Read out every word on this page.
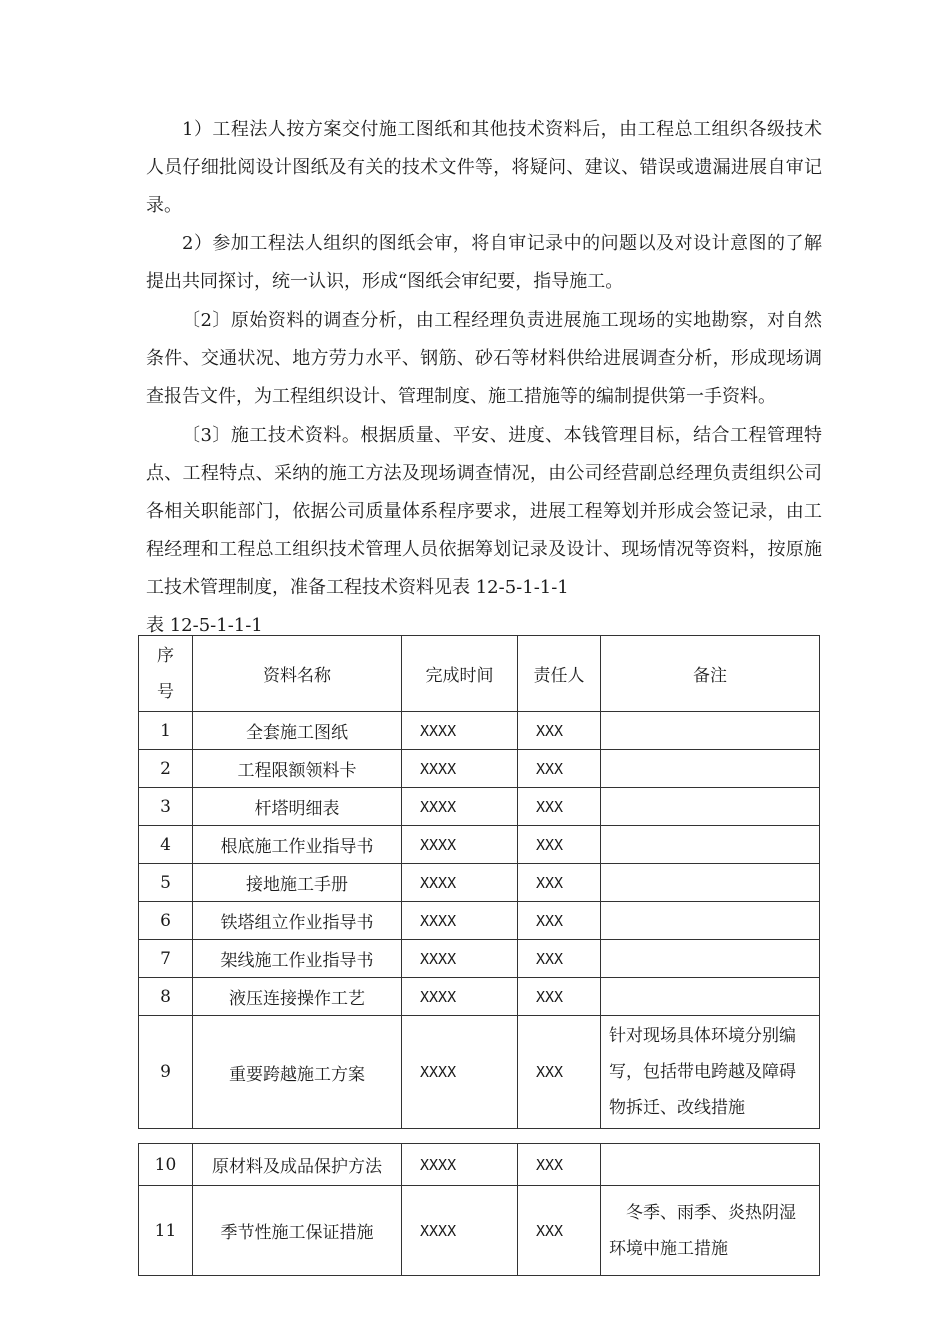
1）工程法人按方案交付施工图纸和其他技术资料后，由工程总工组织各级技术人员仔细批阅设计图纸及有关的技术文件等，将疑问、建议、错误或遗漏进展自审记录。

2）参加工程法人组织的图纸会审，将自审记录中的问题以及对设计意图的了解提出共同探讨，统一认识，形成“图纸会审纪要，指导施工。

〔2〕原始资料的调查分析，由工程经理负责进展施工现场的实地勘察，对自然条件、交通状况、地方劳力水平、钢筋、砂石等材料供给进展调查分析，形成现场调查报告文件，为工程组织设计、管理制度、施工措施等的编制提供第一手资料。

〔3〕施工技术资料。根据质量、平安、进度、本钱管理目标，结合工程管理特点、工程特点、采纳的施工方法及现场调查情况，由公司经营副总经理负责组织公司各相关职能部门，依据公司质量体系程序要求，进展工程筹划并形成会签记录，由工程经理和工程总工组织技术管理人员依据筹划记录及设计、现场情况等资料，按原施工技术管理制度，准备工程技术资料见表 12-5-1-1-1

表 12-5-1-1-1

序
号	资料名称	完成时间	责任人	备注
1	全套施工图纸	XXXX	XXX	
2	工程限额领料卡	XXXX	XXX	
3	杆塔明细表	XXXX	XXX	
4	根底施工作业指导书	XXXX	XXX	
5	接地施工手册	XXXX	XXX	
6	铁塔组立作业指导书	XXXX	XXX	
7	架线施工作业指导书	XXXX	XXX	
8	液压连接操作工艺	XXXX	XXX	
9	重要跨越施工方案	XXXX	XXX	针对现场具体环境分别编写，包括带电跨越及障碍物拆迁、改线措施
10	原材料及成品保护方法	XXXX	XXX	
11	季节性施工保证措施	XXXX	XXX	　冬季、雨季、炎热阴湿环境中施工措施
